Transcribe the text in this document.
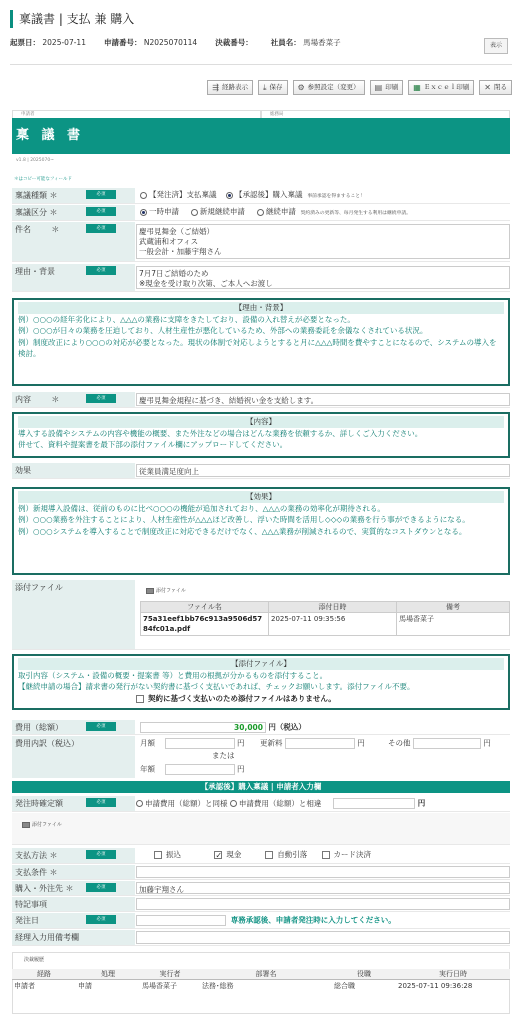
稟議書 | 支払 兼 購入
起票日： 2025-07-11 申請番号： N2025070114 決裁番号： 社員名： 馬場香菜子	表示
⇶ 経路表示 ⤓ 保存 ⚙ 参照設定（変更） ▤ 印刷 ▦ Ｅｘｃｅｌ印刷 ✕ 閉る
申請者	総務局
稟 議 書
v1.8 | 2025070~
＊はコピー可能なフィールド
稟議種類 ＊	必須	【発注済】支払稟議 【承認後】購入稟議 事前承認を得ますること！
稟議区分 ＊	必須	一時申請	新規継続申請	継続申請 契約済みの更新等、毎月発生する利用は継続申請。
件名        ＊	必須	慶弔見舞金（ご結婚）
武蔵浦和オフィス
一般会計・加藤宇翔さん
理由・背景	必須	7月7日ご結婚のため
※現金を受け取り次第、ご本人へお渡し
【理由・背景】
例）○○○の経年劣化により、△△△の業務に支障をきたしており、設備の入れ替えが必要となった。
例）○○○が日々の業務を圧迫しており、人材生産性が悪化しているため、外部への業務委託を余儀なくされている状況。
例）制度改正により○○○の対応が必要となった。現状の体制で対応しようとすると月に△△△時間を費やすことになるので、システムの導入を検討。
内容        ＊	必須	慶弔見舞金規程に基づき、結婚祝い金を支給します。
【内容】
導入する設備やシステムの内容や機能の概要、また外注などの場合はどんな業務を依頼するか、詳しくご入力ください。
併せて、資料や提案書を最下部の添付ファイル欄にアップロードしてください。
効果	従業員満足度向上
【効果】
例）新規導入設備は、従前のものに比べ○○○の機能が追加されており、△△△の業務の効率化が期待される。
例）○○○業務を外注することにより、人材生産性が△△△ほど改善し、浮いた時間を活用し◇◇◇の業務を行う事ができるようになる。
例）○○○システムを導入することで制度改正に対応できるだけでなく、△△△業務が削減されるので、実質的なコストダウンとなる。
添付ファイル	添付ファイル
ファイル名	添付日時	備考

75a31eef1bb76c913a9506d57
84fc01a.pdf	2025-07-11 09:35:56	馬場香菜子
【添付ファイル】
取引内容（システム・設備の概要・提案書 等）と費用の根拠が分かるものを添付すること。
【継続申請の場合】請求書の発行がない契約書に基づく支払いであれば、チェックお願いします。添付ファイル不要。
契約に基づく支払いのため添付ファイルはありません。
費用（総額）	必須	30,000 円（税込）
費用内訳（税込）	月額	円 更新料	円	その他	円
または
年額	円
【承認後】購入稟議 | 申請者入力欄
発注時確定額	必須	申請費用（総額）と同様 申請費用（総額）と相違	円
添付ファイル
支払方法 ＊	必須	振込	✓ 現金	自動引落	カード決済
支払条件 ＊
購入・外注先 ＊	必須	加藤宇翔さん
特記事項
発注日	必須	専務承認後、申請者発注時に入力してください。
経理入力用備考欄
決裁履歴
経路	処理	実行者	部署名	役職	実行日時
申請者	申請	馬場香菜子	法務･総務	総合職	2025-07-11 09:36:28
